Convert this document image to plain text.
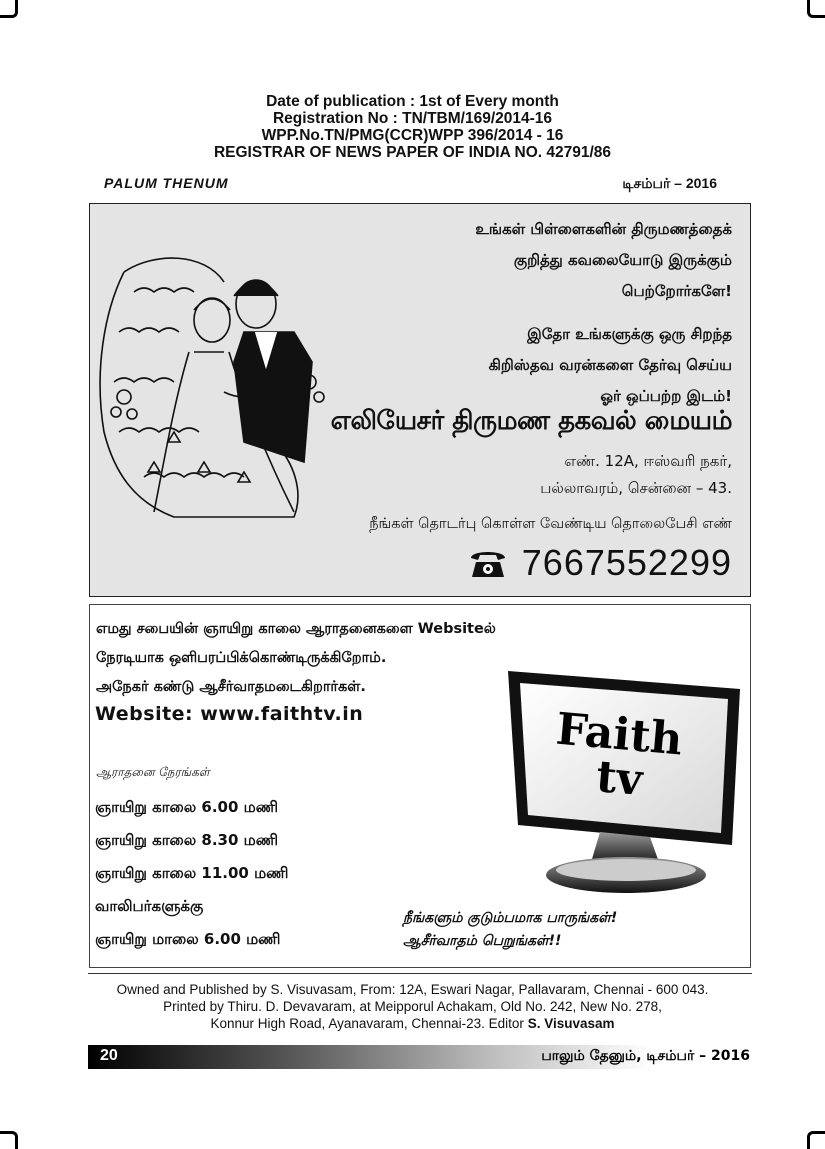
Date of publication : 1st of Every month
Registration No : TN/TBM/169/2014-16
WPP.No.TN/PMG(CCR)WPP 396/2014 - 16
REGISTRAR OF NEWS PAPER OF INDIA NO. 42791/86
PALUM THENUM	டிசம்பர் – 2016
உங்கள் பிள்ளைகளின் திருமணத்தைக்
குறித்து கவலையோடு இருக்கும்
பெற்றோர்களே!
இதோ உங்களுக்கு ஒரு சிறந்த
கிறிஸ்தவ வரன்களை தேர்வு செய்ய
ஓர் ஒப்பற்ற இடம்!
எலியேசர் திருமண தகவல் மையம்
எண். 12A, ஈஸ்வரி நகர்,
பல்லாவரம், சென்னை – 43.
நீங்கள் தொடர்பு கொள்ள வேண்டிய தொலைபேசி எண்
7667552299
எமது சபையின் ஞாயிறு காலை ஆராதனைகளை Websiteல்
நேரடியாக ஒளிபரப்பிக்கொண்டிருக்கிறோம்.
அநேகர் கண்டு ஆசீர்வாதமடைகிறார்கள்.
Website: www.faithtv.in
ஆராதனை நேரங்கள்
ஞாயிறு காலை 6.00 மணி
ஞாயிறு காலை 8.30 மணி
ஞாயிறு காலை 11.00 மணி
வாலிபர்களுக்கு
ஞாயிறு மாலை 6.00 மணி
Faith
tv
நீங்களும் குடும்பமாக பாருங்கள்!
ஆசீர்வாதம் பெறுங்கள்!!
Owned and Published by S. Visuvasam, From: 12A, Eswari Nagar, Pallavaram, Chennai - 600 043.
Printed by Thiru. D. Devavaram, at Meipporul Achakam, Old No. 242, New No. 278,
Konnur High Road, Ayanavaram, Chennai-23. Editor S. Visuvasam
20	பாலும் தேனும், டிசம்பர் – 2016
